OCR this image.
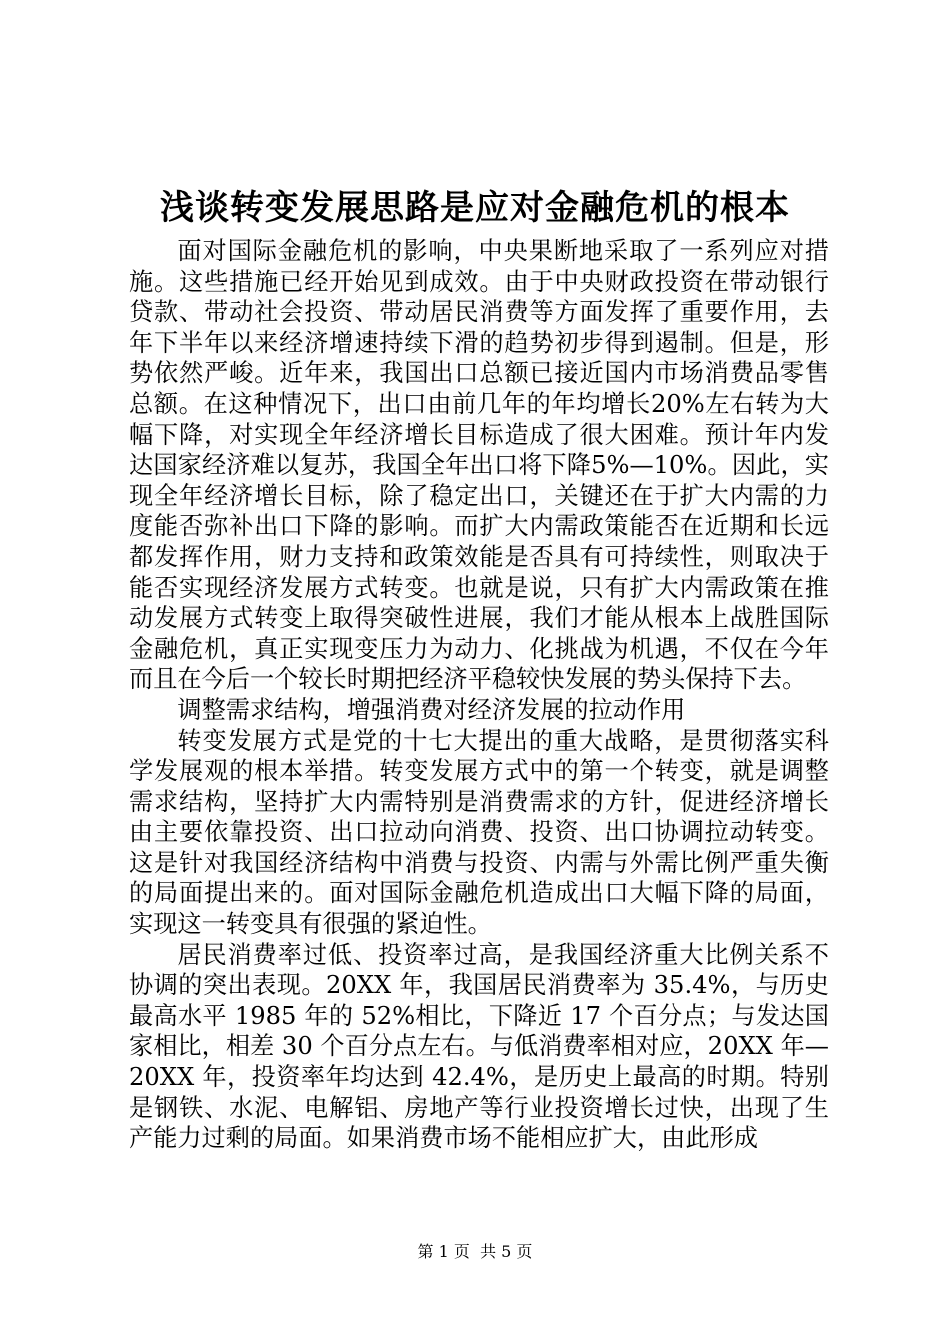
浅谈转变发展思路是应对金融危机的根本

面对国际金融危机的影响，中央果断地采取了一系列应对措施。这些措施已经开始见到成效。由于中央财政投资在带动银行贷款、带动社会投资、带动居民消费等方面发挥了重要作用，去年下半年以来经济增速持续下滑的趋势初步得到遏制。但是，形势依然严峻。近年来，我国出口总额已接近国内市场消费品零售总额。在这种情况下，出口由前几年的年均增长20%左右转为大幅下降，对实现全年经济增长目标造成了很大困难。预计年内发达国家经济难以复苏，我国全年出口将下降5%—10%。因此，实现全年经济增长目标，除了稳定出口，关键还在于扩大内需的力度能否弥补出口下降的影响。而扩大内需政策能否在近期和长远都发挥作用，财力支持和政策效能是否具有可持续性，则取决于能否实现经济发展方式转变。也就是说，只有扩大内需政策在推动发展方式转变上取得突破性进展，我们才能从根本上战胜国际金融危机，真正实现变压力为动力、化挑战为机遇，不仅在今年而且在今后一个较长时期把经济平稳较快发展的势头保持下去。

调整需求结构，增强消费对经济发展的拉动作用

转变发展方式是党的十七大提出的重大战略，是贯彻落实科学发展观的根本举措。转变发展方式中的第一个转变，就是调整需求结构，坚持扩大内需特别是消费需求的方针，促进经济增长由主要依靠投资、出口拉动向消费、投资、出口协调拉动转变。这是针对我国经济结构中消费与投资、内需与外需比例严重失衡的局面提出来的。面对国际金融危机造成出口大幅下降的局面，实现这一转变具有很强的紧迫性。

居民消费率过低、投资率过高，是我国经济重大比例关系不协调的突出表现。20XX 年，我国居民消费率为 35.4%，与历史最高水平 1985 年的 52%相比，下降近 17 个百分点；与发达国家相比，相差 30 个百分点左右。与低消费率相对应，20XX 年—20XX 年，投资率年均达到 42.4%，是历史上最高的时期。特别是钢铁、水泥、电解铝、房地产等行业投资增长过快，出现了生产能力过剩的局面。如果消费市场不能相应扩大，由此形成

第 1 页  共 5 页
